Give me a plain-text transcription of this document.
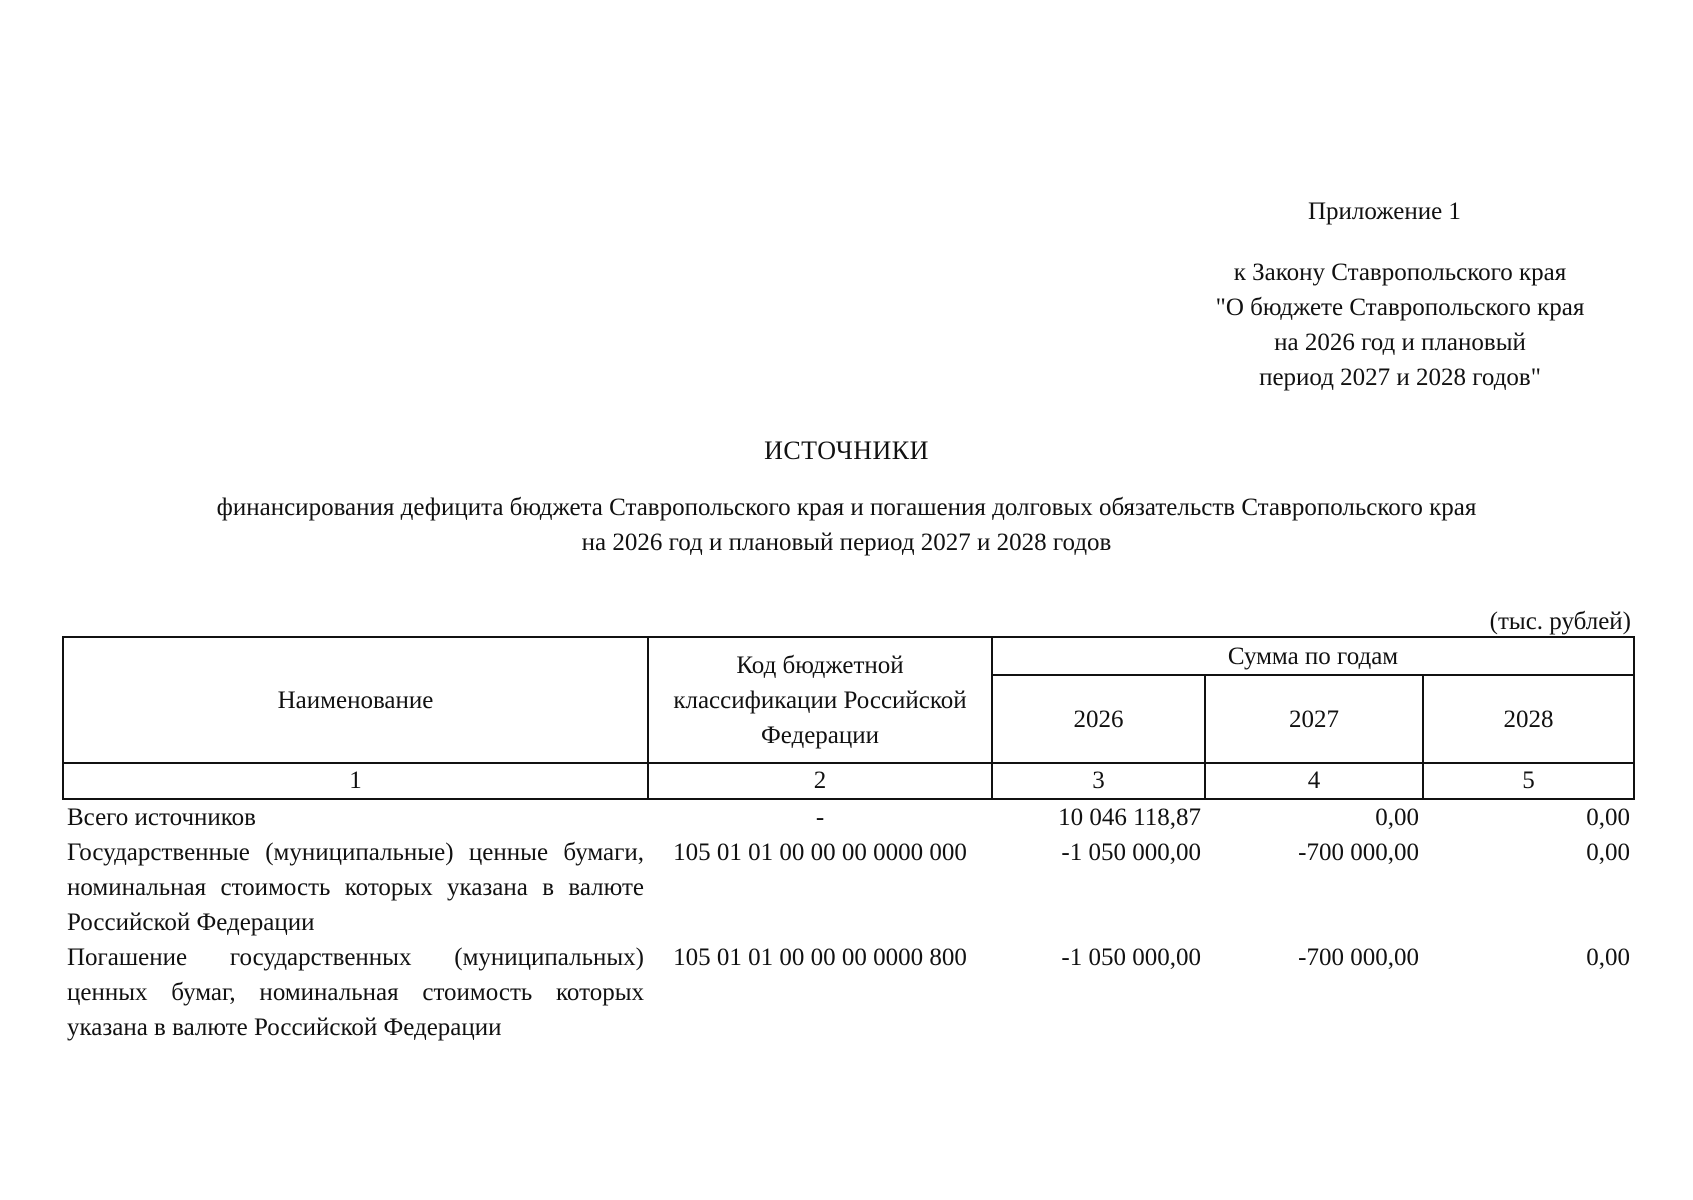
Приложение 1
к Закону Ставропольского края
"О бюджете Ставропольского края
на 2026 год и плановый
период 2027 и 2028 годов"
ИСТОЧНИКИ
финансирования дефицита бюджета Ставропольского края и погашения долговых обязательств Ставропольского края
на 2026 год и плановый период 2027 и 2028 годов
(тыс. рублей)
Наименование	Код бюджетной классификации Российской Федерации	Сумма по годам		
		2026	2027	2028
1	2	3	4	5
Всего источников	-	10 046 118,87	0,00	0,00
Государственные (муниципальные) ценные бумаги, номинальная стоимость которых указана в валюте Российской Федерации	105 01 01 00 00 00 0000 000	-1 050 000,00	-700 000,00	0,00
Погашение государственных (муниципальных) ценных бумаг, номинальная стоимость которых указана в валюте Российской Федерации	105 01 01 00 00 00 0000 800	-1 050 000,00	-700 000,00	0,00
